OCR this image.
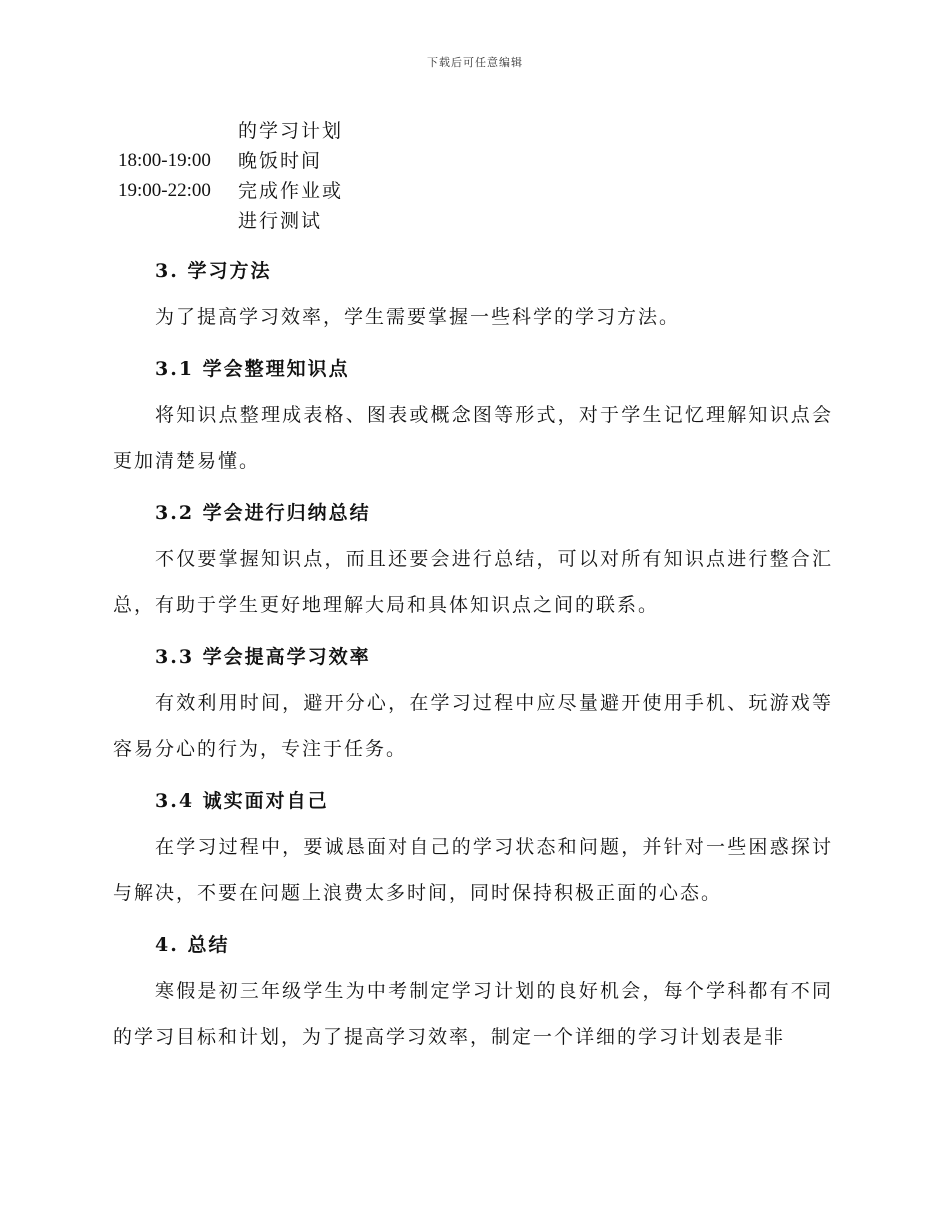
下载后可任意编辑
的学习计划
18:00-19:00	晚饭时间
19:00-22:00	完成作业或进行测试
3. 学习方法

为了提高学习效率，学生需要掌握一些科学的学习方法。

3.1 学会整理知识点

将知识点整理成表格、图表或概念图等形式，对于学生记忆理解知识点会更加清楚易懂。

3.2 学会进行归纳总结

不仅要掌握知识点，而且还要会进行总结，可以对所有知识点进行整合汇总，有助于学生更好地理解大局和具体知识点之间的联系。

3.3 学会提高学习效率

有效利用时间，避开分心，在学习过程中应尽量避开使用手机、玩游戏等容易分心的行为，专注于任务。

3.4 诚实面对自己

在学习过程中，要诚恳面对自己的学习状态和问题，并针对一些困惑探讨与解决，不要在问题上浪费太多时间，同时保持积极正面的心态。

4. 总结

寒假是初三年级学生为中考制定学习计划的良好机会，每个学科都有不同的学习目标和计划，为了提高学习效率，制定一个详细的学习计划表是非
